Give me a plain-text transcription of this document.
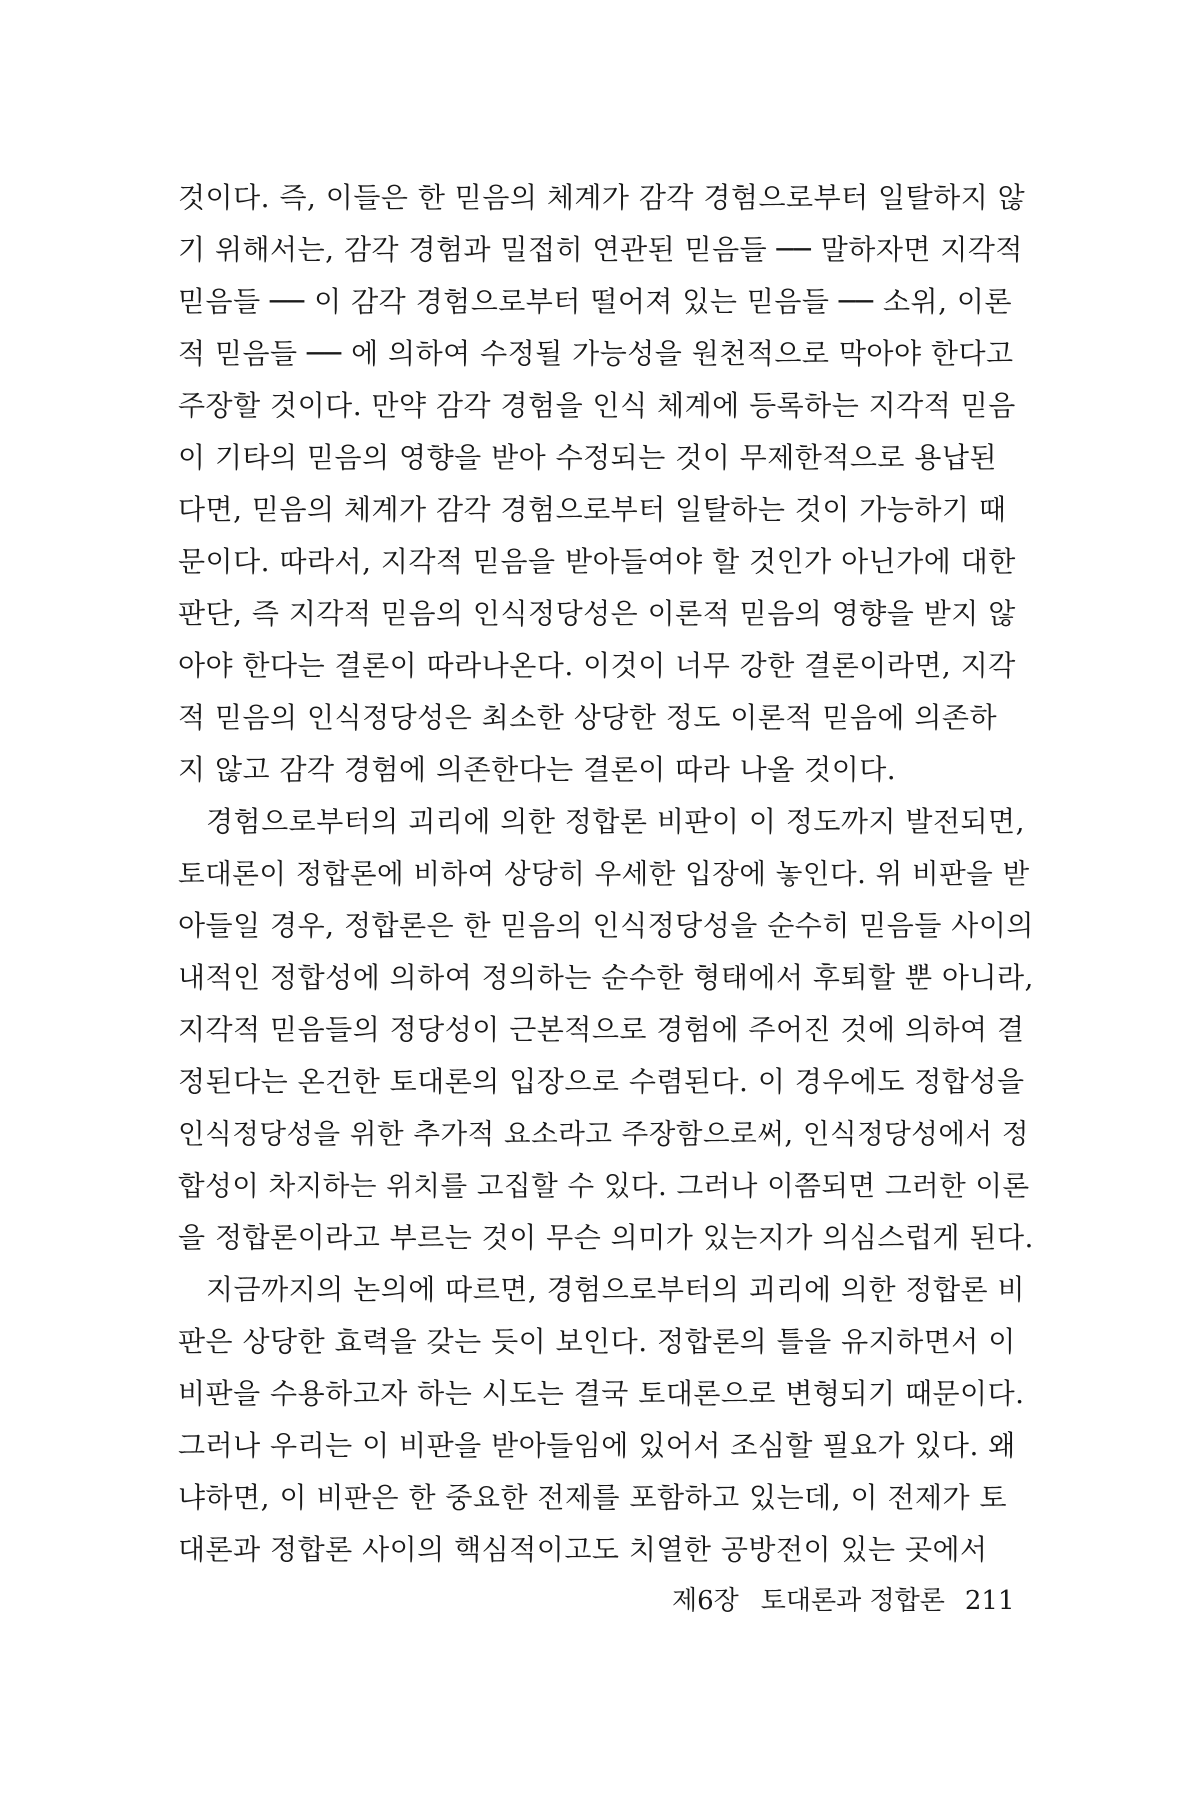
것이다. 즉, 이들은 한 믿음의 체계가 감각 경험으로부터 일탈하지 않
기 위해서는, 감각 경험과 밀접히 연관된 믿음들 ── 말하자면 지각적
믿음들 ── 이 감각 경험으로부터 떨어져 있는 믿음들 ── 소위, 이론
적 믿음들 ── 에 의하여 수정될 가능성을 원천적으로 막아야 한다고
주장할 것이다. 만약 감각 경험을 인식 체계에 등록하는 지각적 믿음
이 기타의 믿음의 영향을 받아 수정되는 것이 무제한적으로 용납된
다면, 믿음의 체계가 감각 경험으로부터 일탈하는 것이 가능하기 때
문이다. 따라서, 지각적 믿음을 받아들여야 할 것인가 아닌가에 대한
판단, 즉 지각적 믿음의 인식정당성은 이론적 믿음의 영향을 받지 않
아야 한다는 결론이 따라나온다. 이것이 너무 강한 결론이라면, 지각
적 믿음의 인식정당성은 최소한 상당한 정도 이론적 믿음에 의존하
지 않고 감각 경험에 의존한다는 결론이 따라 나올 것이다.
경험으로부터의 괴리에 의한 정합론 비판이 이 정도까지 발전되면,
토대론이 정합론에 비하여 상당히 우세한 입장에 놓인다. 위 비판을 받
아들일 경우, 정합론은 한 믿음의 인식정당성을 순수히 믿음들 사이의
내적인 정합성에 의하여 정의하는 순수한 형태에서 후퇴할 뿐 아니라,
지각적 믿음들의 정당성이 근본적으로 경험에 주어진 것에 의하여 결
정된다는 온건한 토대론의 입장으로 수렴된다. 이 경우에도 정합성을
인식정당성을 위한 추가적 요소라고 주장함으로써, 인식정당성에서 정
합성이 차지하는 위치를 고집할 수 있다. 그러나 이쯤되면 그러한 이론
을 정합론이라고 부르는 것이 무슨 의미가 있는지가 의심스럽게 된다.
지금까지의 논의에 따르면, 경험으로부터의 괴리에 의한 정합론 비
판은 상당한 효력을 갖는 듯이 보인다. 정합론의 틀을 유지하면서 이
비판을 수용하고자 하는 시도는 결국 토대론으로 변형되기 때문이다.
그러나 우리는 이 비판을 받아들임에 있어서 조심할 필요가 있다. 왜
냐하면, 이 비판은 한 중요한 전제를 포함하고 있는데, 이 전제가 토
대론과 정합론 사이의 핵심적이고도 치열한 공방전이 있는 곳에서
제6장 토대론과 정합론 211
